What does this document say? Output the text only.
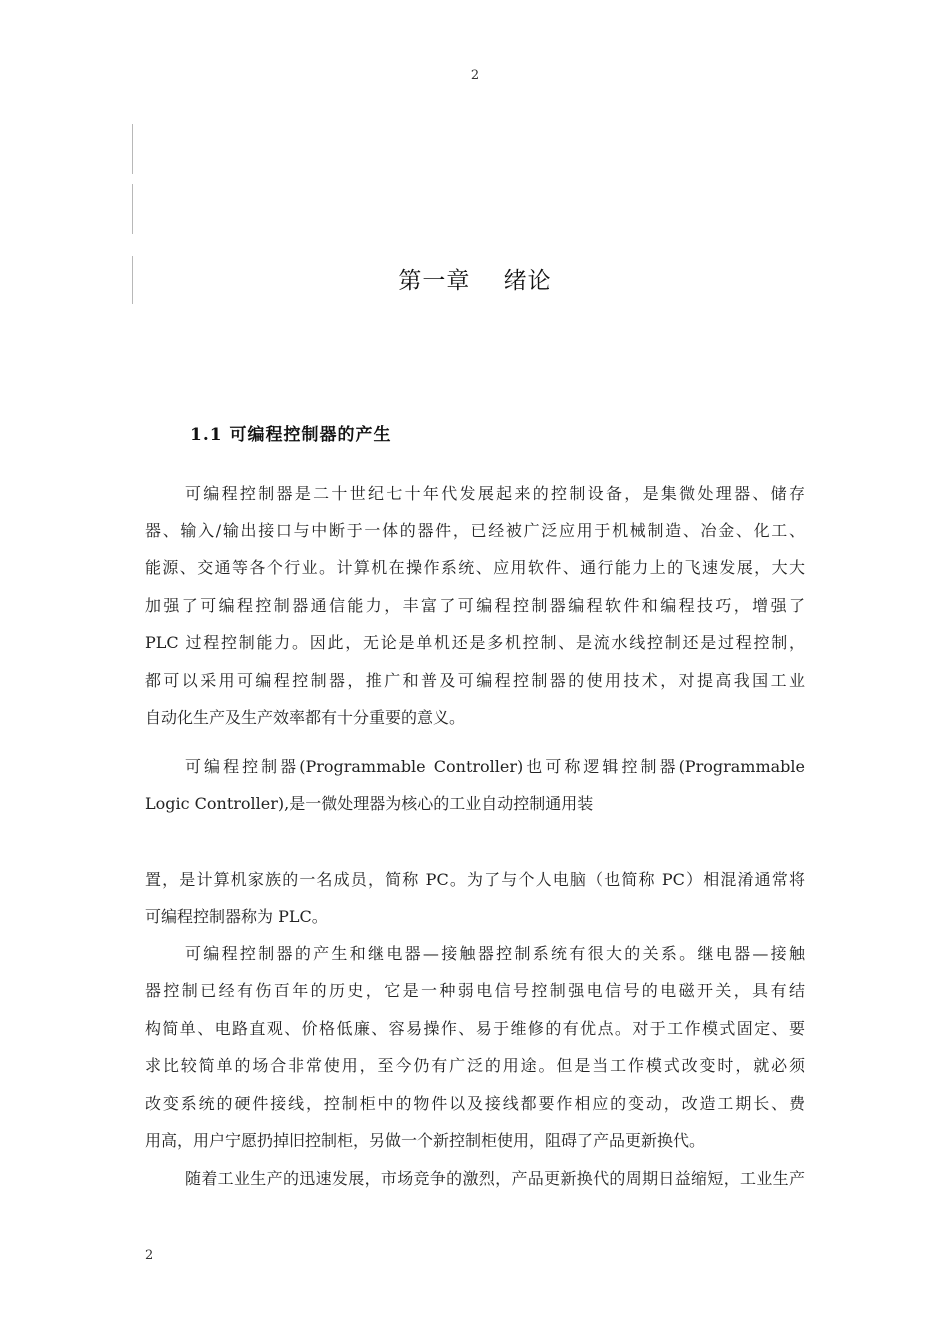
2
第一章    绪论
1.1 可编程控制器的产生
可编程控制器是二十世纪七十年代发展起来的控制设备，是集微处理器、储存
器、输入/输出接口与中断于一体的器件，已经被广泛应用于机械制造、冶金、化工、
能源、交通等各个行业。计算机在操作系统、应用软件、通行能力上的飞速发展，大大
加强了可编程控制器通信能力，丰富了可编程控制器编程软件和编程技巧，增强了
PLC 过程控制能力。因此，无论是单机还是多机控制、是流水线控制还是过程控制，
都可以采用可编程控制器，推广和普及可编程控制器的使用技术，对提高我国工业
自动化生产及生产效率都有十分重要的意义。
可编程控制器(Programmable Controller)也可称逻辑控制器(Programmable
Logic Controller),是一微处理器为核心的工业自动控制通用装
置，是计算机家族的一名成员，简称 PC。为了与个人电脑（也简称 PC）相混淆通常将
可编程控制器称为 PLC。
可编程控制器的产生和继电器—接触器控制系统有很大的关系。继电器—接触
器控制已经有伤百年的历史，它是一种弱电信号控制强电信号的电磁开关，具有结
构简单、电路直观、价格低廉、容易操作、易于维修的有优点。对于工作模式固定、要
求比较简单的场合非常使用，至今仍有广泛的用途。但是当工作模式改变时，就必须
改变系统的硬件接线，控制柜中的物件以及接线都要作相应的变动，改造工期长、费
用高，用户宁愿扔掉旧控制柜，另做一个新控制柜使用，阻碍了产品更新换代。
随着工业生产的迅速发展，市场竞争的激烈，产品更新换代的周期日益缩短，工业生产
2
